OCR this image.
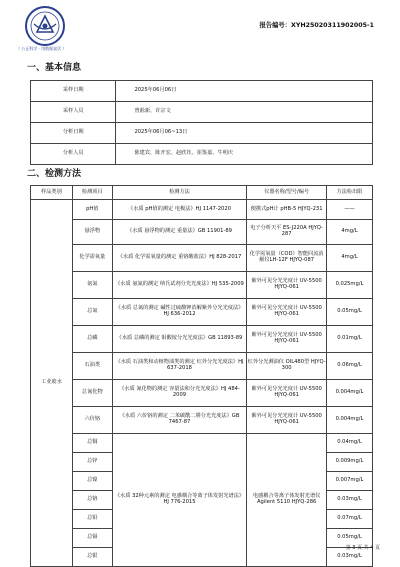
（ 公正科学 · 用数据说话 ）
报告编号：XYH25020311902005-1
一、基本信息
采样日期	2025年06月06日
采样人员	曾淞新、许宗文
分析日期	2025年06月06~13日
分析人员	陈建宾、陈开宏、赵欣钰、崔鉴嘉、牛明庆
二、检测方法
样品类别	检测项目	检测方法	仪器名称/型号/编号	方法检出限
工业废水	pH值	《水质 pH值的测定 电极法》HJ 1147-2020	便携式pH计 pHB-5 HJYQ-231	——
	悬浮物	《水质 悬浮物的测定 重量法》GB 11901-89	电子分析天平 ES-J220A HJYQ-287	4mg/L
	化学需氧量	《水质 化学需氧量的测定 重铬酸盐法》HJ 828-2017	化学需氧量（COD）智能回流消解仪LH-12F HJYQ-087	4mg/L
	氨氮	《水质 氨氮的测定 纳氏试剂分光光度法》HJ 535-2009	紫外可见分光光度计 UV-5500 HJYQ-061	0.025mg/L
	总氮	《水质 总氮的测定 碱性过硫酸钾消解紫外分光光度法》HJ 636-2012	紫外可见分光光度计 UV-5500 HJYQ-061	0.05mg/L
	总磷	《水质 总磷的测定 钼酸铵分光光度法》GB 11893-89	紫外可见分光光度计 UV-5500 HJYQ-061	0.01mg/L
	石油类	《水质 石油类和动植物油类的测定 红外分光光度法》HJ 637-2018	红外分光测油仪 OIL480型 HJYQ-300	0.06mg/L
	总氰化物	《水质 氰化物的测定 容量法和分光光度法》HJ 484-2009	紫外可见分光光度计 UV-5500 HJYQ-061	0.004mg/L
	六价铬	《水质 六价铬的测定 二苯碳酰二肼分光光度法》GB 7467-87	紫外可见分光光度计 UV-5500 HJYQ-061	0.004mg/L
	总铜	《水质 32种元素的测定 电感耦合等离子体发射光谱法》HJ 776-2015	电感耦合等离子体发射光谱仪Agilent 5110 HJYQ-286	0.04mg/L
	总锌			0.009mg/L
	总镍			0.007mg/L
	总铬			0.03mg/L
	总铅			0.07mg/L
	总镉			0.05mg/L
	总银			0.03mg/L
第 3 页 共 4 页
